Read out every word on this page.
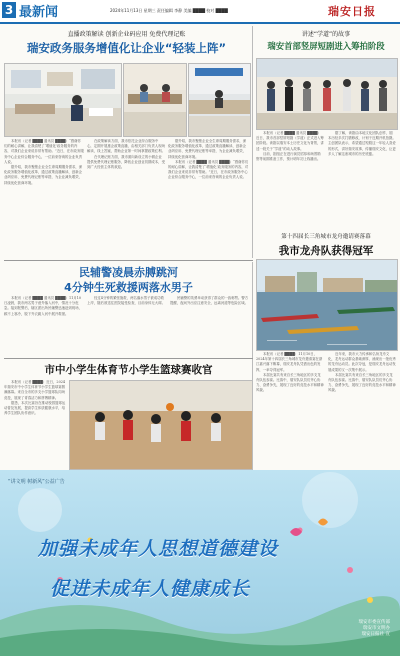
3 最新闻	2024年11月13日 星期三 责任编辑 李静 美编 ████ 校对 ████	瑞安日报
直播政策解读 创新企业码应用 免费代理记账
瑞安政务服务增值化让企业“轻装上阵”

本报讯（记者 ████ 通讯员 ████）“感谢你们的耐心讲解，让我清楚了‘增值化’政务服务的内容，对我们企业来说非常有帮助。”近日，在市政务服务中心企业综合服务中心，一位前来咨询的企业负责人说。

据介绍，我市聚焦企业全生命周期服务需求，深化政务服务增值化改革，通过政策直播解读、创新企业码应用、免费代理记账等举措，为企业减负增效，持续优化营商环境。

在政策解读方面，我市依托企业综合服务中心，定期开展惠企政策直播，由相关部门负责人现场解读，线上答疑，帮助企业第一时间掌握政策红利。

在代理记账方面，我市面向新设立的小微企业提供免费代理记账服务，降低企业创业初期成本，受到广大经营主体的欢迎。

据介绍，我市聚焦企业全生命周期服务需求，深化政务服务增值化改革，通过政策直播解读、创新企业码应用、免费代理记账等举措，为企业减负增效，持续优化营商环境。

本报讯（记者 ████ 通讯员 ████）“感谢你们的耐心讲解，让我清楚了‘增值化’政务服务的内容，对我们企业来说非常有帮助。”近日，在市政务服务中心企业综合服务中心，一位前来咨询的企业负责人说。

讲述“学道”的故事
瑞安首部竖屏短剧进入筹拍阶段

本报讯（记者 ████ 通讯员 ████）近日，我市首部竖屏短剧《学道》正式进入筹拍阶段。该剧以瑞安本土历史文化为背景，讲述一段关于“学道”的动人故事。

目前，剧组正在进行演员招募和场景勘察等前期准备工作，预计明年初上线播出。

据了解，该剧由本地文化团队创作，剧本历经多次打磨修改，计划于近期开机拍摄。主创团队表示，希望通过短剧这一年轻人喜爱的形式，讲好瑞安故事，传播瑞安文化，让更多人了解这座城市的历史底蕴。

第十四届长三角城市龙舟邀请赛落幕
我市龙舟队获得冠军
民辅警凌晨赤膊跳河
4分钟生死救援两落水男子

本报讯（记者 ████ 通讯员 ████）11月10日凌晨，我市两名男子意外落入河中，情况十分危急。接到报警后，辖区派出所民辅警迅速赶到现场，顾不上寒冷，脱下外衣跳入河中展开救援。

经过4分钟的紧张施救，两名落水男子被成功救上岸，随后被送往医院接受检查，目前身体无大碍。

民辅警的英勇举动获得了群众的一致称赞。警方提醒，夜间外出应注意安全，远离河道等危险区域。

本报讯（记者 ████）11月10日，2024年第十四届长三角城市龙舟邀请赛在浙江嘉兴落下帷幕，瑞安龙舟队凭借出色的发挥，一举夺得冠军。

本届比赛共有来自长三角地区的多支龙舟队伍参赛。比赛中，瑞安队队员们齐心协力、奋勇争先，展现了良好的竞技水平和精神风貌。

近年来，我市大力传承和弘扬龙舟文化，龙舟运动群众基础深厚，涌现出一批优秀的龙舟运动员。此次夺冠，是瑞安龙舟运动发展成果的又一次集中展示。

本届比赛共有来自长三角地区的多支龙舟队伍参赛。比赛中，瑞安队队员们齐心协力、奋勇争先，展现了良好的竞技水平和精神风貌。

市中小学生体育节小学生篮球赛收官

本报讯（记者 ████）近日，2024年瑞安市中小学生体育节小学生篮球赛圆满落幕。来自全市的多支小学篮球队同场竞技，展现了青春活力和拼搏精神。

据悉，本次比赛旨在推动校园篮球运动普及发展，提高学生体质健康水平，培养学生团队协作意识。

“讲文明 树新风”公益广告
加强未成年人思想道德建设
促进未成年人健康成长
瑞安市委宣传部
瑞安市文明办
瑞安日报社 宣
